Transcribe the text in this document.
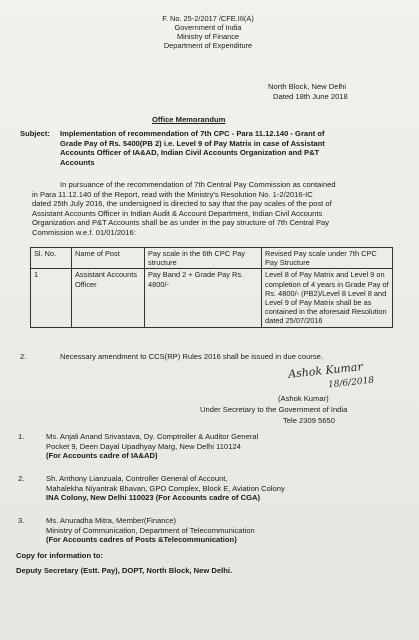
F. No. 25-2/2017 /CFE.III(A)
Government of India
Ministry of Finance
Department of Expenditure
North Block, New Delhi
Dated 18th June 2018
Office Memorandum
Subject: Implementation of recommendation of 7th CPC - Para 11.12.140 - Grant of
Grade Pay of Rs. 5400(PB 2) i.e. Level 9 of Pay Matrix in case of Assistant
Accounts Officer of IA&AD, Indian Civil Accounts Organization and P&T
Accounts
In pursuance of the recommendation of 7th Central Pay Commission as contained
in Para 11.12.140 of the Report, read with the Ministry's Resolution No. 1-2/2016-IC
dated 25th July 2016, the undersigned is directed to say that the pay scales of the post of
Assistant Accounts Officer in Indian Audit & Account Department, Indian Civil Accounts
Organization and P&T Accounts shall be as under in the pay structure of 7th Central Pay
Commission w.e.f. 01/01/2016:
Sl. No.	Name of Post	Pay scale in the 6th CPC Pay structure	Revised Pay scale under 7th CPC Pay Structure
1	Assistant Accounts Officer	Pay Band 2 + Grade Pay Rs. 4800/-	Level 8 of Pay Matrix and Level 9 on completion of 4 years in Grade Pay of Rs. 4800/- (PB2)/Level 8 Level 8 and Level 9 of Pay Matrix shall be as contained in the aforesaid Resolution dated 25/07/2016
2.	Necessary amendment to CCS(RP) Rules 2016 shall be issued in due course.
Ashok Kumar
18/6/2018
(Ashok Kumar)
Under Secretary to the Government of India
Tele 2309 5650
1.	Ms. Anjali Anand Srivastava, Dy. Comptroller & Auditor General
Pocket 9, Deen Dayal Upadhyay Marg, New Delhi 110124
(For Accounts cadre of IA&AD)
2.	Sh. Anthony Lianzuala, Controller General of Account,
Mahalekha Niyantrak Bhavan, GPO Complex, Block E, Aviation Colony
INA Colony, New Delhi 110023 (For Accounts cadre of CGA)
3.	Ms. Anuradha Mitra, Member(Finance)
Ministry of Communication, Department of Telecommunication
(For Accounts cadres of Posts &Telecommunication)
Copy for information to:
Deputy Secretary (Estt. Pay), DOPT, North Block, New Delhi.
